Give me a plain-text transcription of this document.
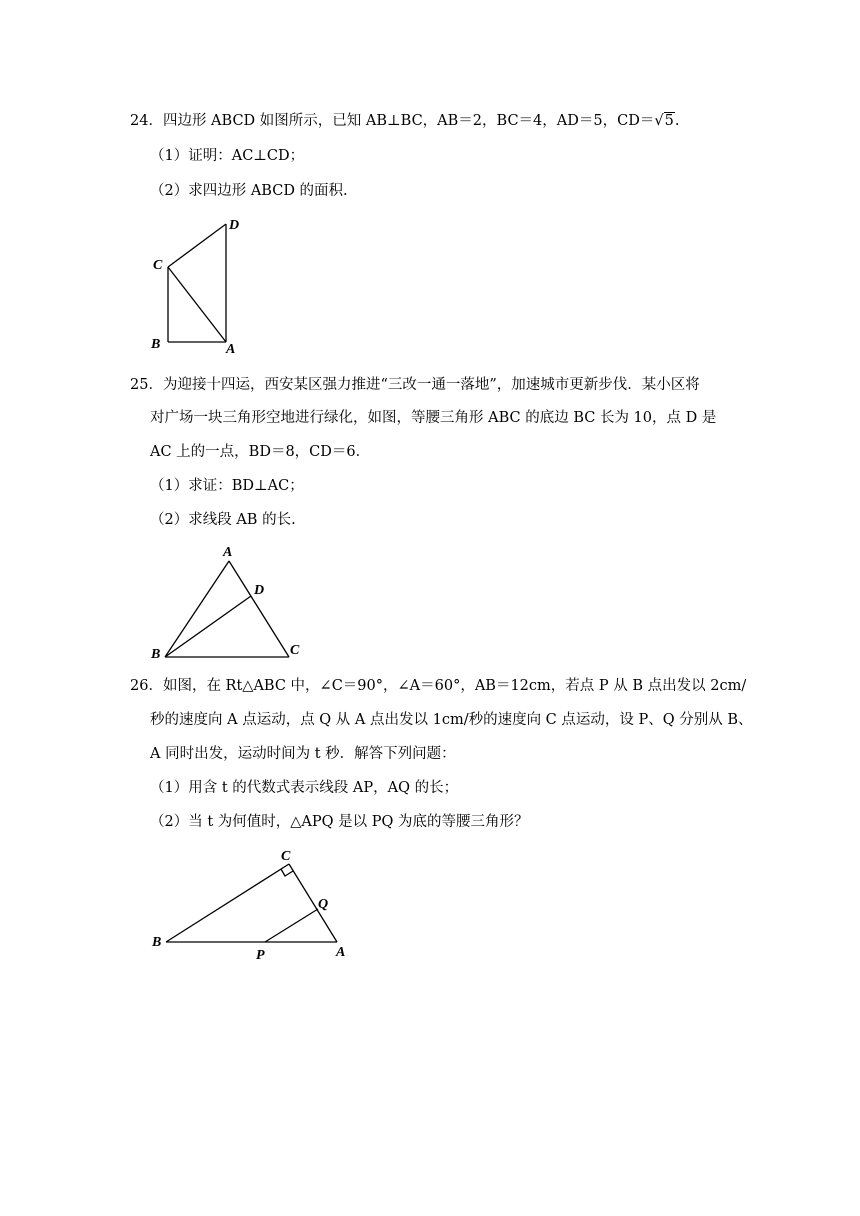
24．四边形 ABCD 如图所示，已知 AB⊥BC，AB＝2，BC＝4，AD＝5，CD＝√5.
（1）证明：AC⊥CD；
（2）求四边形 ABCD 的面积.
D
C
B	A
25．为迎接十四运，西安某区强力推进“三改一通一落地”，加速城市更新步伐．某小区将
对广场一块三角形空地进行绿化，如图，等腰三角形 ABC 的底边 BC 长为 10，点 D 是
AC 上的一点，BD＝8，CD＝6．
（1）求证：BD⊥AC；
（2）求线段 AB 的长.
A
D
B	C
26．如图，在 Rt△ABC 中，∠C＝90°，∠A＝60°，AB＝12cm，若点 P 从 B 点出发以 2cm/
秒的速度向 A 点运动，点 Q 从 A 点出发以 1cm/秒的速度向 C 点运动，设 P、Q 分别从 B、
A 同时出发，运动时间为 t 秒．解答下列问题：
（1）用含 t 的代数式表示线段 AP，AQ 的长；
（2）当 t 为何值时，△APQ 是以 PQ 为底的等腰三角形？
C
Q
B
P	A
